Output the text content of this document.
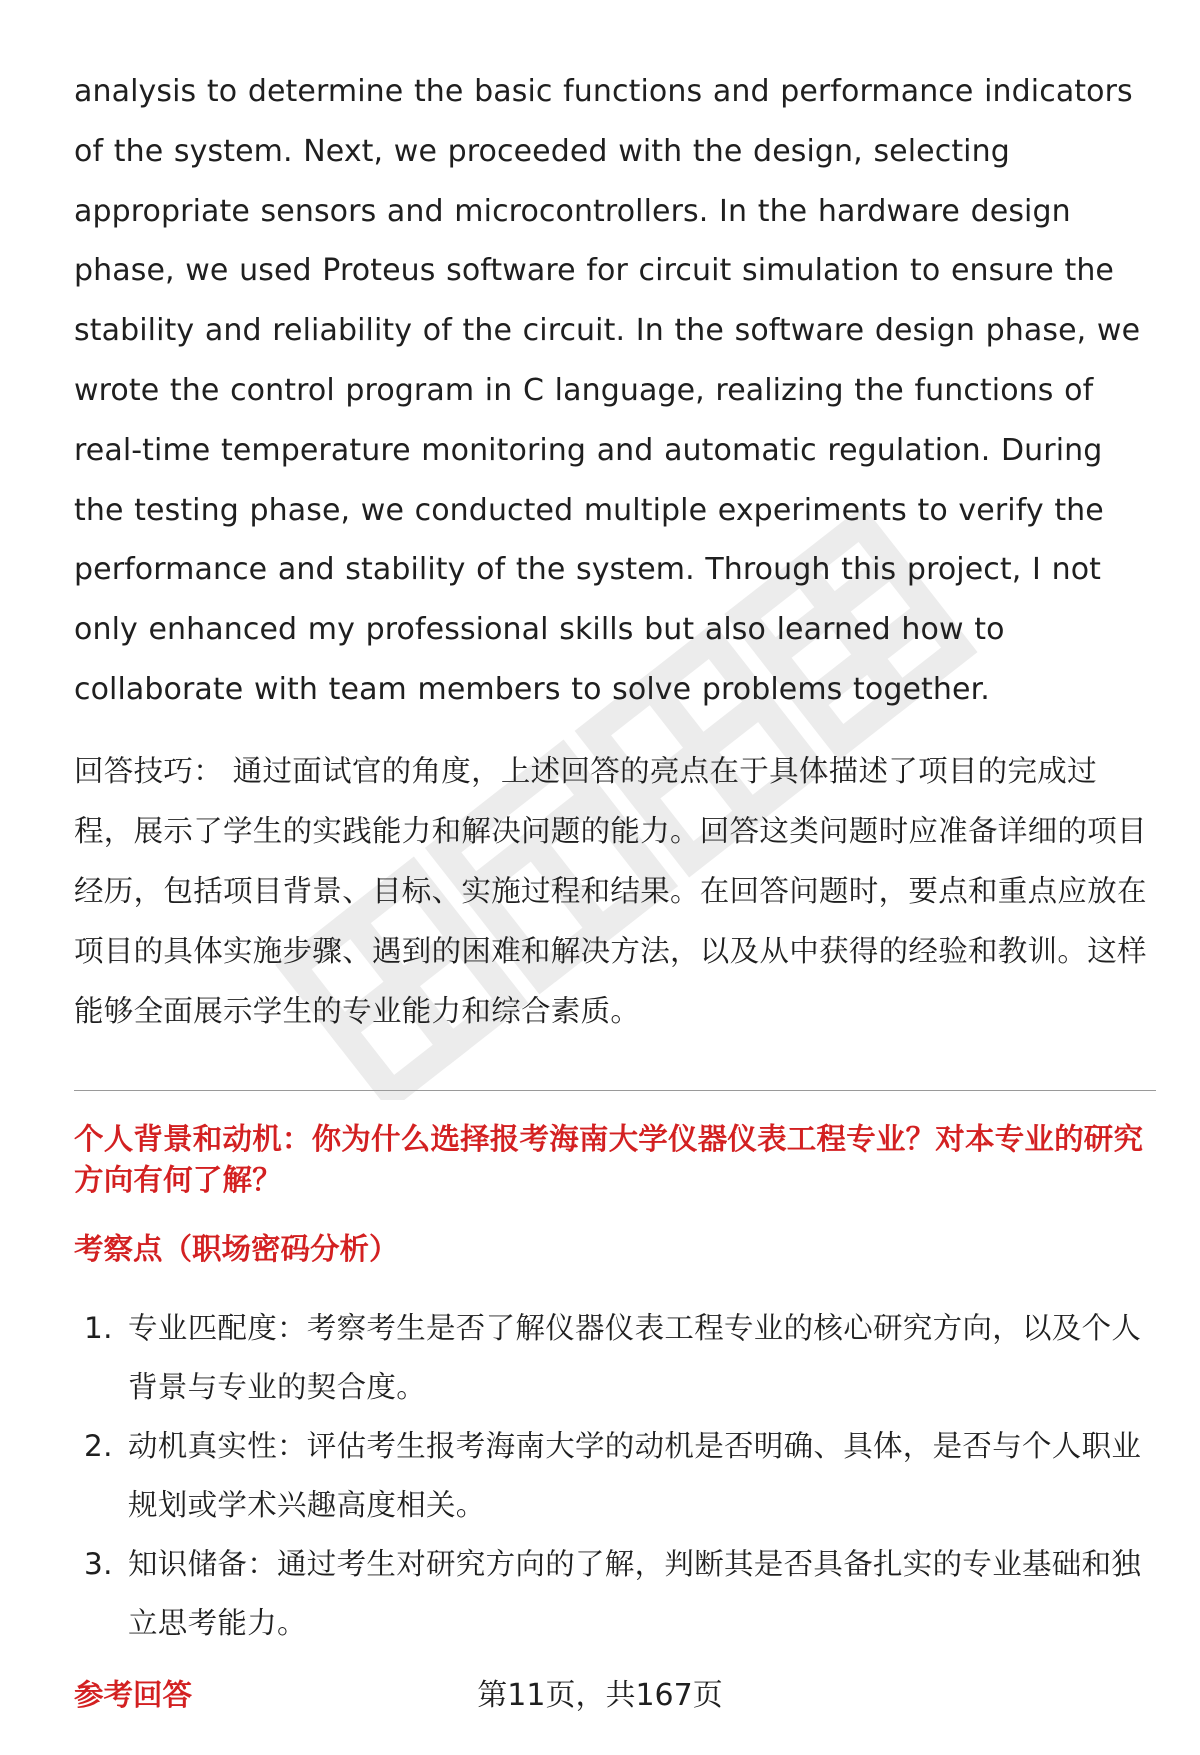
analysis to determine the basic functions and performance indicators of the system. Next, we proceeded with the design, selecting appropriate sensors and microcontrollers. In the hardware design phase, we used Proteus software for circuit simulation to ensure the stability and reliability of the circuit. In the software design phase, we wrote the control program in C language, realizing the functions of real-time temperature monitoring and automatic regulation. During the testing phase, we conducted multiple experiments to verify the performance and stability of the system. Through this project, I not only enhanced my professional skills but also learned how to collaborate with team members to solve problems together.

回答技巧： 通过面试官的角度，上述回答的亮点在于具体描述了项目的完成过程，展示了学生的实践能力和解决问题的能力。回答这类问题时应准备详细的项目经历，包括项目背景、目标、实施过程和结果。在回答问题时，要点和重点应放在项目的具体实施步骤、遇到的困难和解决方法，以及从中获得的经验和教训。这样能够全面展示学生的专业能力和综合素质。

个人背景和动机：你为什么选择报考海南大学仪器仪表工程专业？对本专业的研究方向有何了解？
考察点（职场密码分析）
1. 专业匹配度：考察考生是否了解仪器仪表工程专业的核心研究方向，以及个人背景与专业的契合度。
2. 动机真实性：评估考生报考海南大学的动机是否明确、具体，是否与个人职业规划或学术兴趣高度相关。
3. 知识储备：通过考生对研究方向的了解，判断其是否具备扎实的专业基础和独立思考能力。
参考回答	第11页，共167页
